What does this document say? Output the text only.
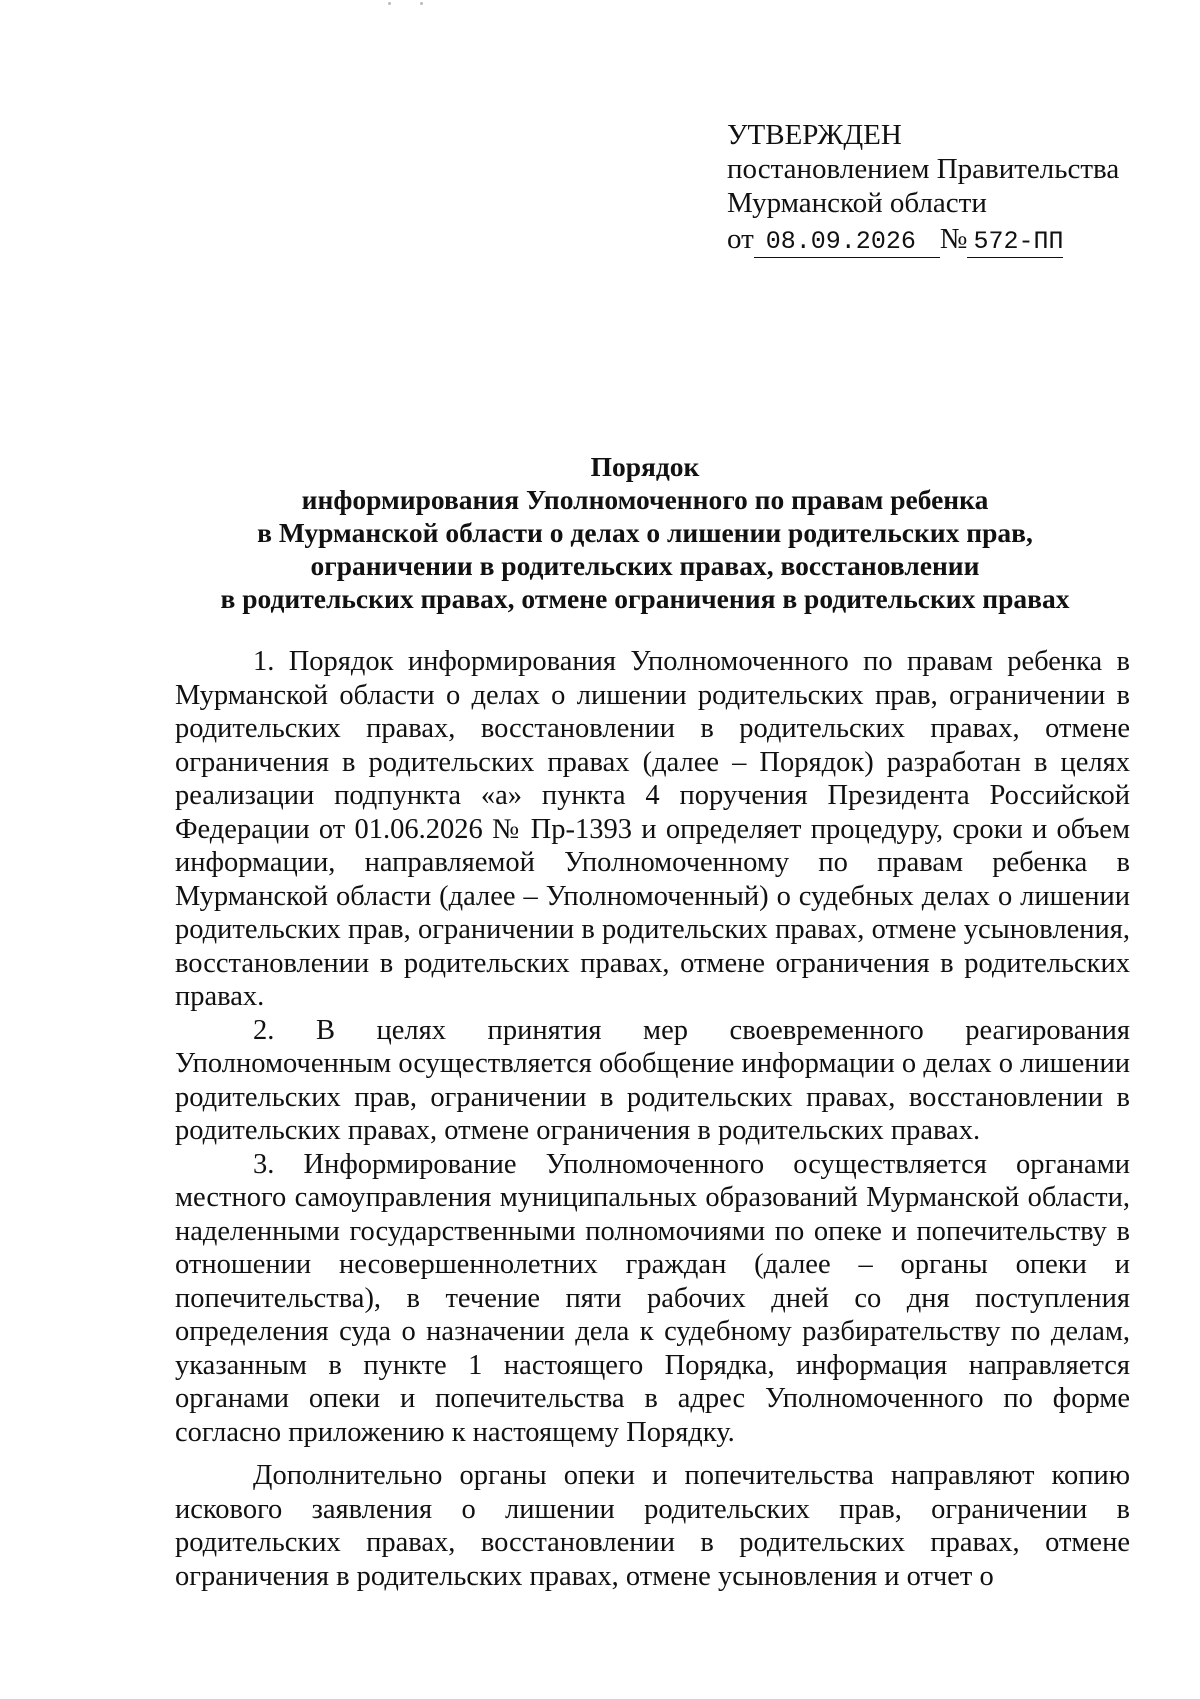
УТВЕРЖДЕН
постановлением Правительства
Мурманской области
от 08.09.2026 № 572-ПП
Порядок
информирования Уполномоченного по правам ребенка
в Мурманской области о делах о лишении родительских прав,
ограничении в родительских правах, восстановлении
в родительских правах, отмене ограничения в родительских правах

1. Порядок информирования Уполномоченного по правам ребенка в Мурманской области о делах о лишении родительских прав, ограничении в родительских правах, восстановлении в родительских правах, отмене ограничения в родительских правах (далее – Порядок) разработан в целях реализации подпункта «а» пункта 4 поручения Президента Российской Федерации от 01.06.2026 № Пр-1393 и определяет процедуру, сроки и объем информации, направляемой Уполномоченному по правам ребенка в Мурманской области (далее – Уполномоченный) о судебных делах о лишении родительских прав, ограничении в родительских правах, отмене усыновления, восстановлении в родительских правах, отмене ограничения в родительских правах.

2. В целях принятия мер своевременного реагирования Уполномоченным осуществляется обобщение информации о делах о лишении родительских прав, ограничении в родительских правах, восстановлении в родительских правах, отмене ограничения в родительских правах.

3. Информирование Уполномоченного осуществляется органами местного самоуправления муниципальных образований Мурманской области, наделенными государственными полномочиями по опеке и попечительству в отношении несовершеннолетних граждан (далее – органы опеки и попечительства), в течение пяти рабочих дней со дня поступления определения суда о назначении дела к судебному разбирательству по делам, указанным в пункте 1 настоящего Порядка, информация направляется органами опеки и попечительства в адрес Уполномоченного по форме согласно приложению к настоящему Порядку.

Дополнительно органы опеки и попечительства направляют копию искового заявления о лишении родительских прав, ограничении в родительских правах, восстановлении в родительских правах, отмене ограничения в родительских правах, отмене усыновления и отчет о
